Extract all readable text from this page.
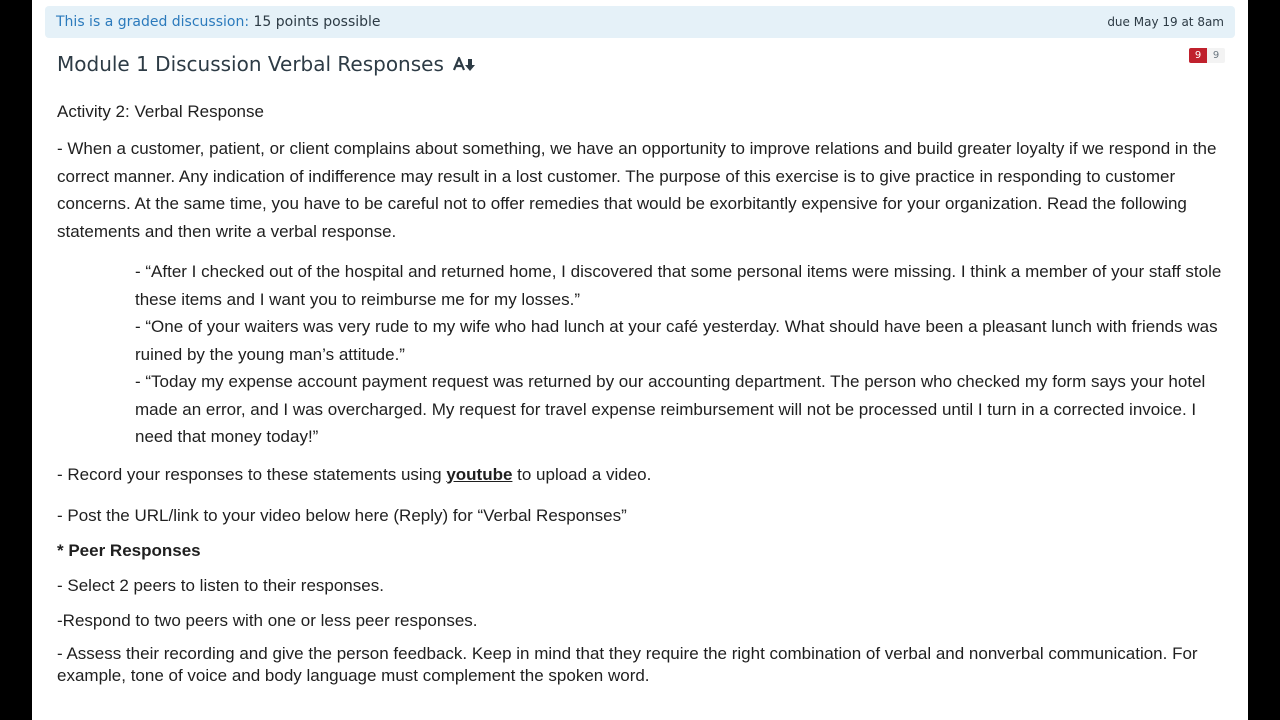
This is a graded discussion: 15 points possible	due May 19 at 8am
Module 1 Discussion Verbal Responses	9	9

Activity 2: Verbal Response

- When a customer, patient, or client complains about something, we have an opportunity to improve relations and build greater loyalty if we respond in the correct manner. Any indication of indifference may result in a lost customer. The purpose of this exercise is to give practice in responding to customer concerns. At the same time, you have to be careful not to offer remedies that would be exorbitantly expensive for your organization. Read the following statements and then write a verbal response.

- “After I checked out of the hospital and returned home, I discovered that some personal items were missing. I think a member of your staff stole these items and I want you to reimburse me for my losses.”
- “One of your waiters was very rude to my wife who had lunch at your café yesterday. What should have been a pleasant lunch with friends was ruined by the young man’s attitude.”
- “Today my expense account payment request was returned by our accounting department. The person who checked my form says your hotel made an error, and I was overcharged. My request for travel expense reimbursement will not be processed until I turn in a corrected invoice. I need that money today!”

- Record your responses to these statements using youtube to upload a video.

- Post the URL/link to your video below here (Reply) for “Verbal Responses”

* Peer Responses

- Select 2 peers to listen to their responses.

-Respond to two peers with one or less peer responses.

- Assess their recording and give the person feedback. Keep in mind that they require the right combination of verbal and nonverbal communication. For example, tone of voice and body language must complement the spoken word.
